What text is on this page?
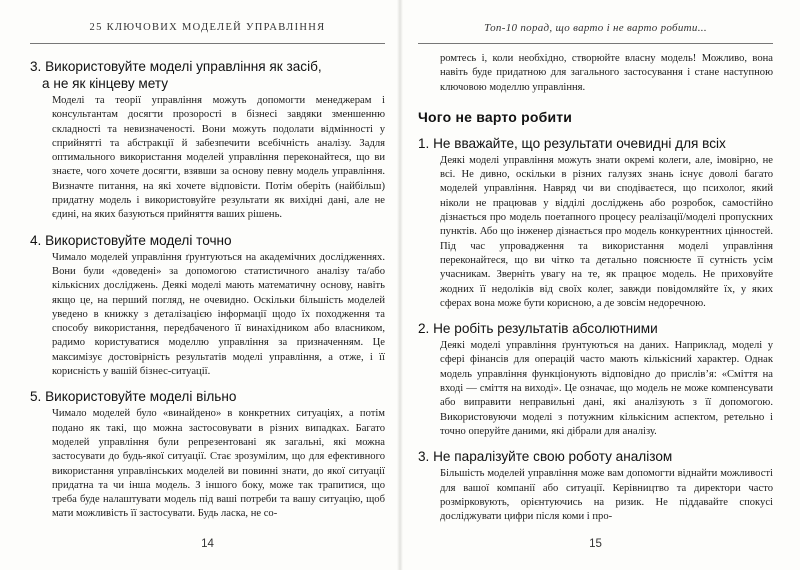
25 КЛЮЧОВИХ МОДЕЛЕЙ УПРАВЛІННЯ
3. Використовуйте моделі управління як засіб,
а не як кінцеву мету

Моделі та теорії управління можуть допомогти менеджерам і консультантам досягти прозорості в бізнесі завдяки зменшенню складності та невизначеності. Вони можуть подолати відмінності у сприйнятті та абстракції й забезпечити всебічність аналізу. Задля оптимального використання моделей управління переконайтеся, що ви знаєте, чого хочете досягти, взявши за основу певну модель управління. Визначте питання, на які хочете відповісти. Потім оберіть (найбільш) придатну модель і використовуйте результати як вихідні дані, але не єдині, на яких базуються прийняття ваших рішень.

4. Використовуйте моделі точно

Чимало моделей управління ґрунтуються на академічних дослідженнях. Вони були «доведені» за допомогою статистичного аналізу та/або кількісних досліджень. Деякі моделі мають математичну основу, навіть якщо це, на перший погляд, не очевидно. Оскільки більшість моделей уведено в книжку з деталізацією інформації щодо їх походження та способу використання, передбаченого її винахідником або власником, радимо користуватися моделлю управління за призначенням. Це максимізує достовірність результатів моделі управління, а отже, і її корисність у вашій бізнес-ситуації.

5. Використовуйте моделі вільно

Чимало моделей було «винайдено» в конкретних ситуаціях, а потім подано як такі, що можна застосовувати в різних випадках. Багато моделей управління були репрезентовані як загальні, які можна застосувати до будь-якої ситуації. Стає зрозумілим, що для ефективного використання управлінських моделей ви повинні знати, до якої ситуації придатна та чи інша модель. З іншого боку, може так трапитися, що треба буде налаштувати модель під ваші потреби та вашу ситуацію, щоб мати можливість її застосувати. Будь ласка, не со-

14
Топ-10 порад, що варто і не варто робити...

ромтесь і, коли необхідно, створюйте власну модель! Можливо, вона навіть буде придатною для загального застосування і стане наступною ключовою моделлю управління.

Чого не варто робити
1. Не вважайте, що результати очевидні для всіх

Деякі моделі управління можуть знати окремі колеги, але, імовірно, не всі. Не дивно, оскільки в різних галузях знань існує доволі багато моделей управління. Навряд чи ви сподіваєтеся, що психолог, який ніколи не працював у відділі досліджень або розробок, самостійно дізнається про модель поетапного процесу реалізації/моделі пропускних пунктів. Або що інженер дізнається про модель конкурентних цінностей. Під час упровадження та використання моделі управління переконайтеся, що ви чітко та детально пояснюєте її сутність усім учасникам. Зверніть увагу на те, як працює модель. Не приховуйте жодних її недоліків від своїх колег, завжди повідомляйте їх, у яких сферах вона може бути корисною, а де зовсім недоречною.

2. Не робіть результатів абсолютними

Деякі моделі управління ґрунтуються на даних. Наприклад, моделі у сфері фінансів для операцій часто мають кількісний характер. Однак модель управління функціонують відповідно до прислів’я: «Сміття на вході — сміття на виході». Це означає, що модель не може компенсувати або виправити неправильні дані, які аналізують з її допомогою. Використовуючи моделі з потужним кількісним аспектом, ретельно і точно оперуйте даними, які дібрали для аналізу.

3. Не паралізуйте свою роботу аналізом

Більшість моделей управління може вам допомогти віднайти можливості для вашої компанії або ситуації. Керівництво та директори часто розмірковують, орієнтуючись на ризик. Не піддавайте спокусі досліджувати цифри після коми і про-

15
